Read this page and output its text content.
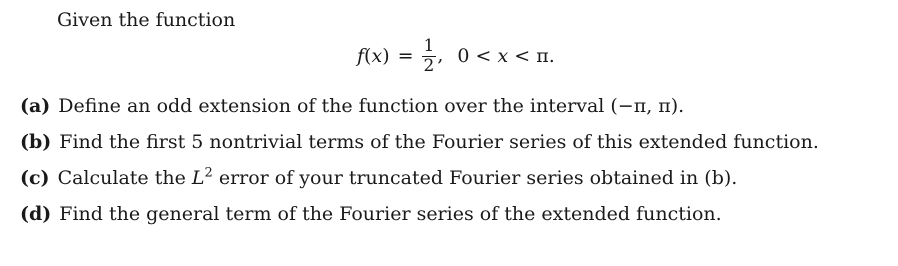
Given the function
$f(x) = \frac{1}{2}$ , 0 < x < π.
(a) Define an odd extension of the function over the interval (−π, π).
(b) Find the first 5 nontrivial terms of the Fourier series of this extended function.
(c) Calculate the $L^2$ error of your truncated Fourier series obtained in (b).
(d) Find the general term of the Fourier series of the extended function.
